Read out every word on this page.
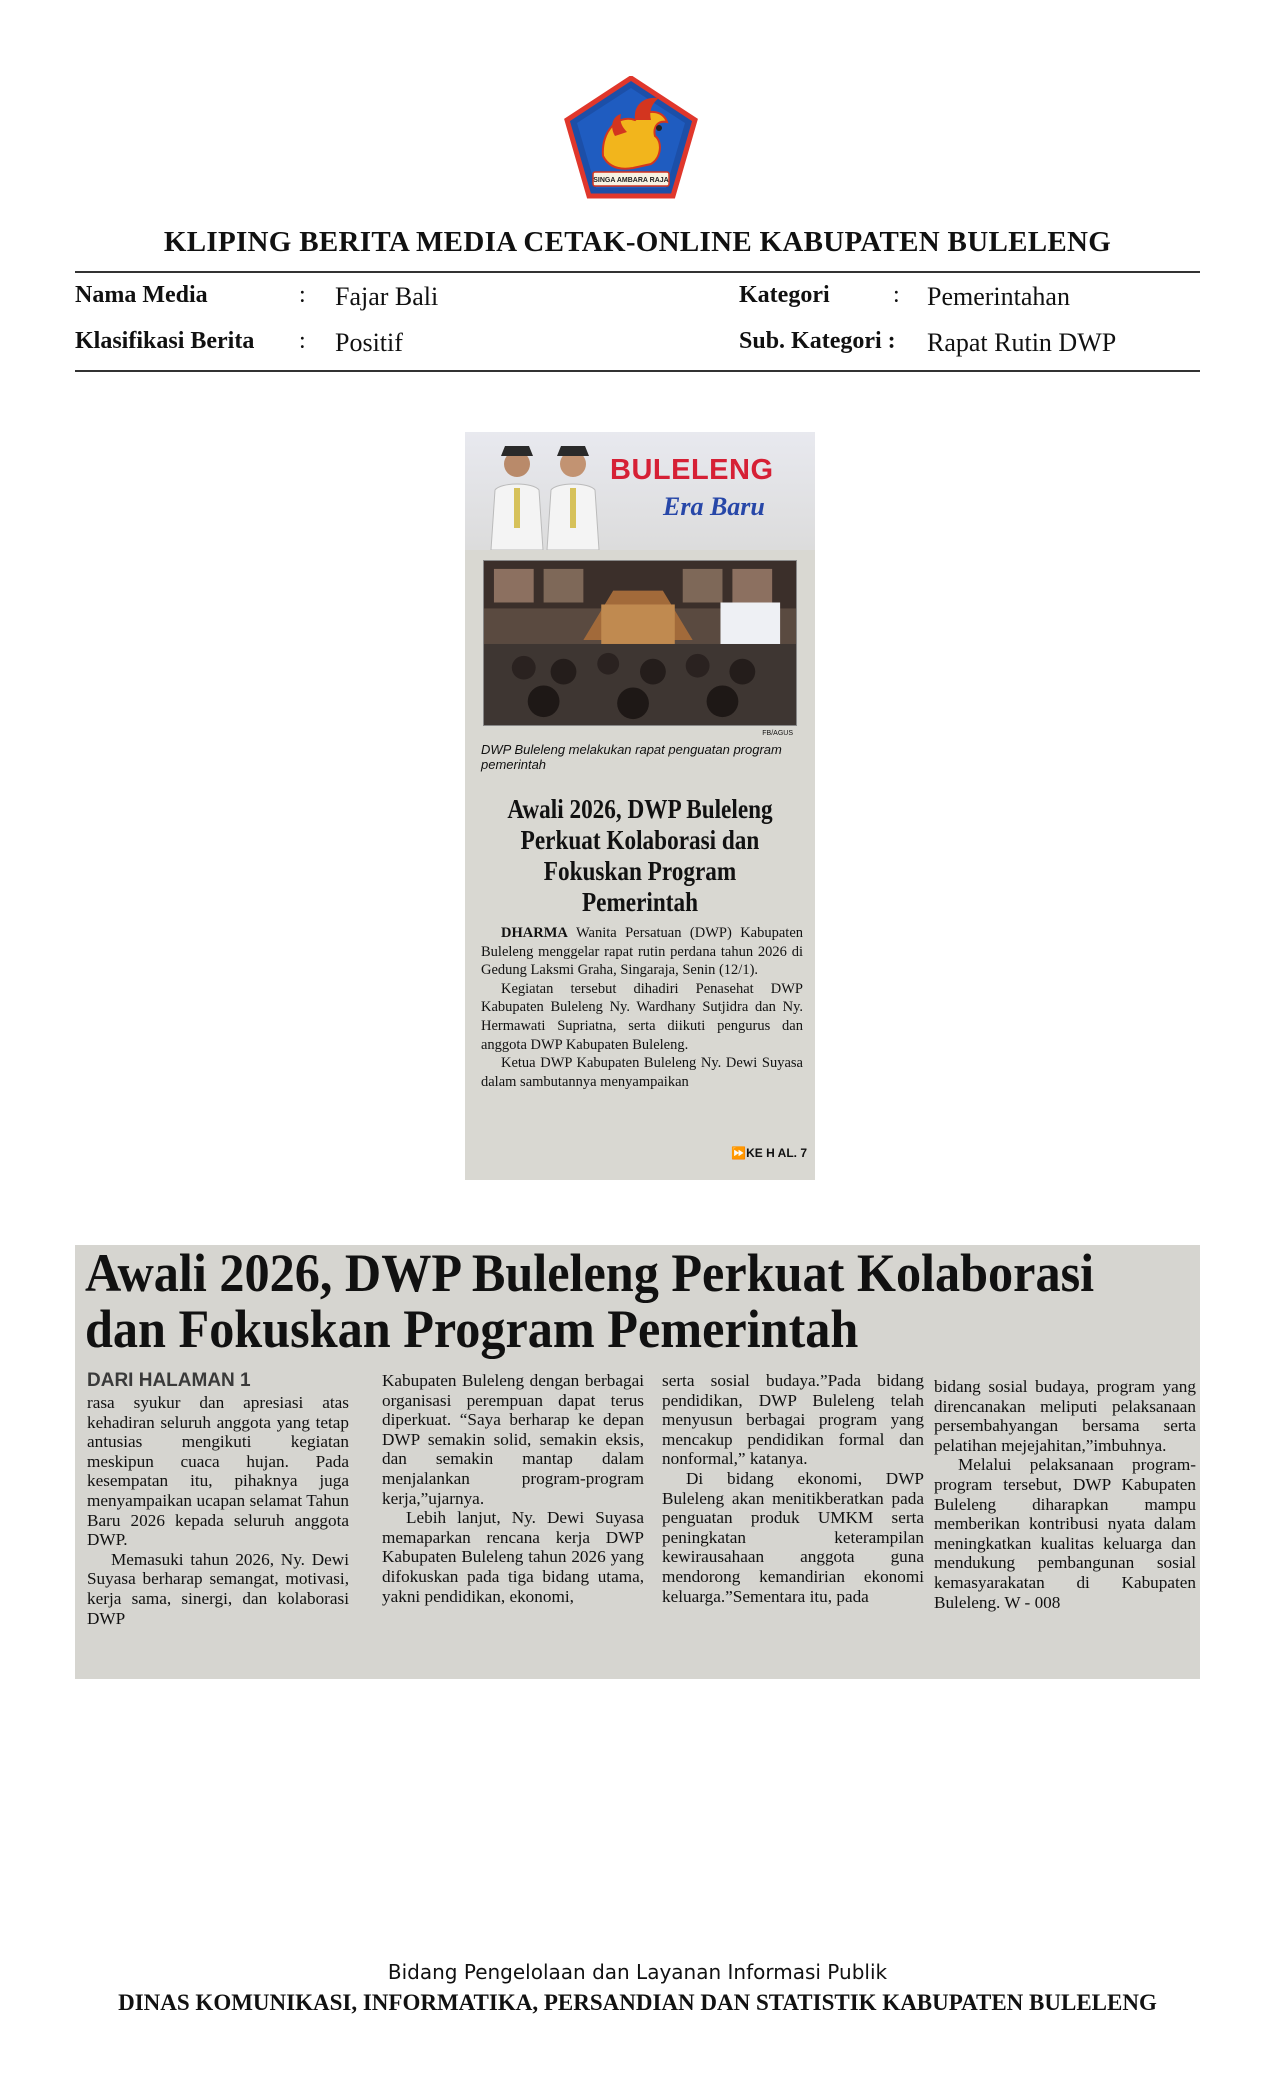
SINGA AMBARA RAJA
KLIPING BERITA MEDIA CETAK-ONLINE KABUPATEN BULELENG
Nama Media	: Fajar Bali	Kategori	: Pemerintahan
Klasifikasi Berita : Positif	Sub. Kategori : Rapat Rutin DWP
BULELENG
Era Baru
FB/AGUS
DWP Buleleng melakukan rapat penguatan program pemerintah
Awali 2026, DWP Buleleng Perkuat Kolaborasi dan Fokuskan Program Pemerintah

DHARMA Wanita Persatuan (DWP) Kabupaten Buleleng menggelar rapat rutin perdana tahun 2026 di Gedung Laksmi Graha, Singaraja, Senin (12/1).

Kegiatan tersebut dihadiri Penasehat DWP Kabupaten Buleleng Ny. Wardhany Sutjidra dan Ny. Hermawati Supriatna, serta diikuti pengurus dan anggota DWP Kabupaten Buleleng.

Ketua DWP Kabupaten Buleleng Ny. Dewi Suyasa dalam sambutannya menyampaikan

⏩KE H AL. 7
Awali 2026, DWP Buleleng Perkuat Kolaborasi dan Fokuskan Program Pemerintah
DARI HALAMAN 1

rasa syukur dan apresiasi atas kehadiran seluruh anggota yang tetap antusias mengikuti kegiatan meskipun cuaca hujan. Pada kesempatan itu, pihaknya juga menyampaikan ucapan selamat Tahun Baru 2026 kepada seluruh anggota DWP.

Memasuki tahun 2026, Ny. Dewi Suyasa berharap semangat, motivasi, kerja sama, sinergi, dan kolaborasi DWP

Kabupaten Buleleng dengan berbagai organisasi perempuan dapat terus diperkuat. “Saya berharap ke depan DWP semakin solid, semakin eksis, dan semakin mantap dalam menjalankan program-program kerja,”ujarnya.

Lebih lanjut, Ny. Dewi Suyasa memaparkan rencana kerja DWP Kabupaten Buleleng tahun 2026 yang difokuskan pada tiga bidang utama, yakni pendidikan, ekonomi,

serta sosial budaya.”Pada bidang pendidikan, DWP Buleleng telah menyusun berbagai program yang mencakup pendidikan formal dan nonformal,” katanya.

Di bidang ekonomi, DWP Buleleng akan menitikberatkan pada penguatan produk UMKM serta peningkatan keterampilan kewirausahaan anggota guna mendorong kemandirian ekonomi keluarga.”Sementara itu, pada

bidang sosial budaya, program yang direncanakan meliputi pelaksanaan persembahyangan bersama serta pelatihan mejejahitan,”imbuhnya.

Melalui pelaksanaan program-program tersebut, DWP Kabupaten Buleleng diharapkan mampu memberikan kontribusi nyata dalam meningkatkan kualitas keluarga dan mendukung pembangunan sosial kemasyarakatan di Kabupaten Buleleng. W - 008

Bidang Pengelolaan dan Layanan Informasi Publik
DINAS KOMUNIKASI, INFORMATIKA, PERSANDIAN DAN STATISTIK KABUPATEN BULELENG
